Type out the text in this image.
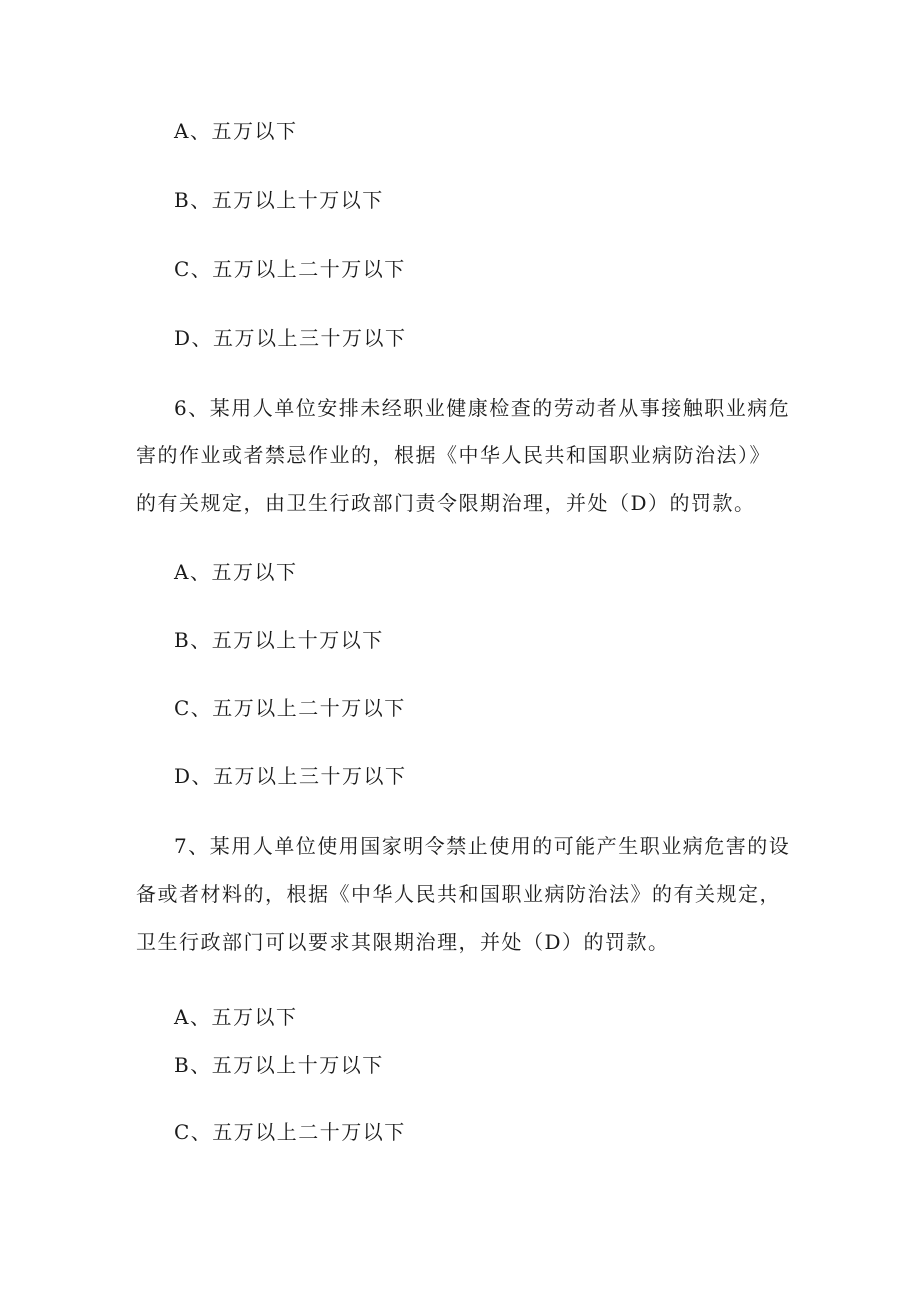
A、五万以下
B、五万以上十万以下
C、五万以上二十万以下
D、五万以上三十万以下
6、某用人单位安排未经职业健康检查的劳动者从事接触职业病危
害的作业或者禁忌作业的，根据《中华人民共和国职业病防治法）》
的有关规定，由卫生行政部门责令限期治理，并处（D）的罚款。
A、五万以下
B、五万以上十万以下
C、五万以上二十万以下
D、五万以上三十万以下
7、某用人单位使用国家明令禁止使用的可能产生职业病危害的设
备或者材料的，根据《中华人民共和国职业病防治法》的有关规定，
卫生行政部门可以要求其限期治理，并处（D）的罚款。
A、五万以下
B、五万以上十万以下
C、五万以上二十万以下
